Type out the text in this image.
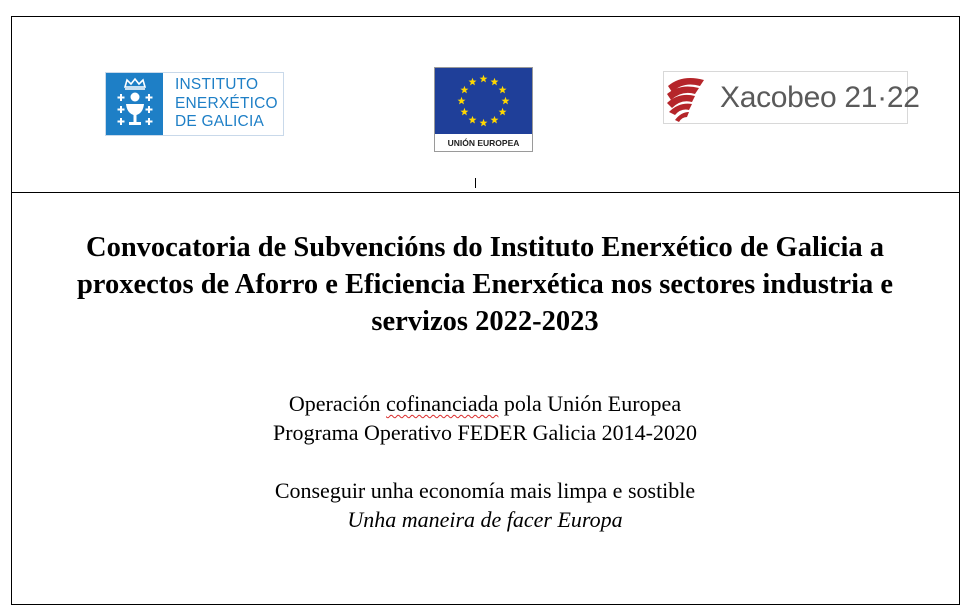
INSTITUTO
ENERXÉTICO
DE GALICIA
UNIÓN EUROPEA
Xacobeo 21·22
Convocatoria de Subvencións do Instituto Enerxético de Galicia a
proxectos de Aforro e Eficiencia Enerxética nos sectores industria e
servizos 2022-2023

Operación cofinanciada pola Unión Europea
Programa Operativo FEDER Galicia 2014-2020

Conseguir unha economía mais limpa e sostible
Unha maneira de facer Europa
